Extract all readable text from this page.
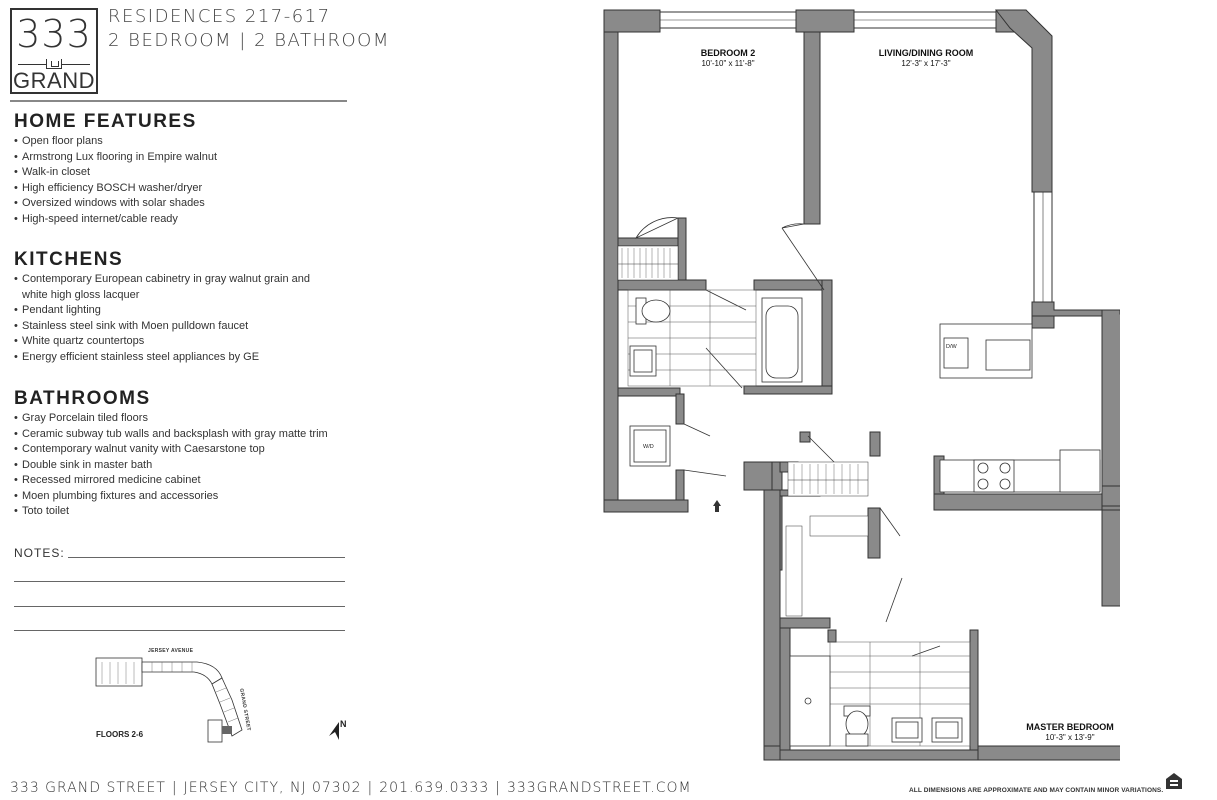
333
GRAND
RESIDENCES 217-617
2 BEDROOM | 2 BATHROOM
HOME FEATURES
• Open floor plans
• Armstrong Lux flooring in Empire walnut
• Walk-in closet
• High efficiency BOSCH washer/dryer
• Oversized windows with solar shades
• High-speed internet/cable ready
KITCHENS
• Contemporary European cabinetry in gray walnut grain and
white high gloss lacquer
• Pendant lighting
• Stainless steel sink with Moen pulldown faucet
• White quartz countertops
• Energy efficient stainless steel appliances by GE
BATHROOMS
• Gray Porcelain tiled floors
• Ceramic subway tub walls and backsplash with gray matte trim
• Contemporary walnut vanity with Caesarstone top
• Double sink in master bath
• Recessed mirrored medicine cabinet
• Moen plumbing fixtures and accessories
• Toto toilet
NOTES:
JERSEY AVENUE
GRAND STREET
FLOORS 2-6
N
BEDROOM 2
10'-10" x 11'-8"
LIVING/DINING ROOM
12'-3" x 17'-3"
MASTER BEDROOM
10'-3" x 13'-9"
D/W
W/D
333 GRAND STREET | JERSEY CITY, NJ 07302 | 201.639.0333 | 333GRANDSTREET.COM	ALL DIMENSIONS ARE APPROXIMATE AND MAY CONTAIN MINOR VARIATIONS.
